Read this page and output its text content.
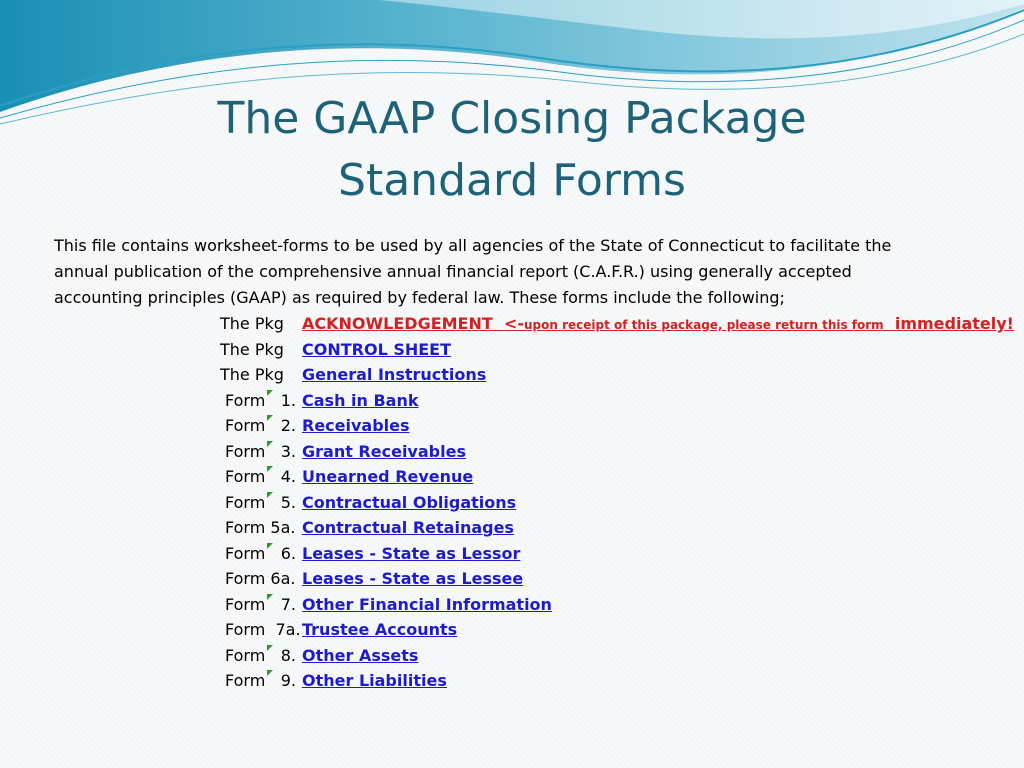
The GAAP Closing Package
Standard Forms
This file contains worksheet-forms to be used by all agencies of the State of Connecticut to facilitate the
annual publication of the comprehensive annual financial report (C.A.F.R.) using generally accepted
accounting principles (GAAP) as required by federal law. These forms include the following;
The Pkg ACKNOWLEDGEMENT <-upon receipt of this package, please return this form immediately!
The Pkg CONTROL SHEET
The Pkg General Instructions
Form 1. Cash in Bank
Form 2. Receivables
Form 3. Grant Receivables
Form 4. Unearned Revenue
Form 5. Contractual Obligations
Form 5a. Contractual Retainages
Form 6. Leases - State as Lessor
Form 6a. Leases - State as Lessee
Form 7. Other Financial Information
Form  7a. Trustee Accounts
Form 8. Other Assets
Form 9. Other Liabilities
